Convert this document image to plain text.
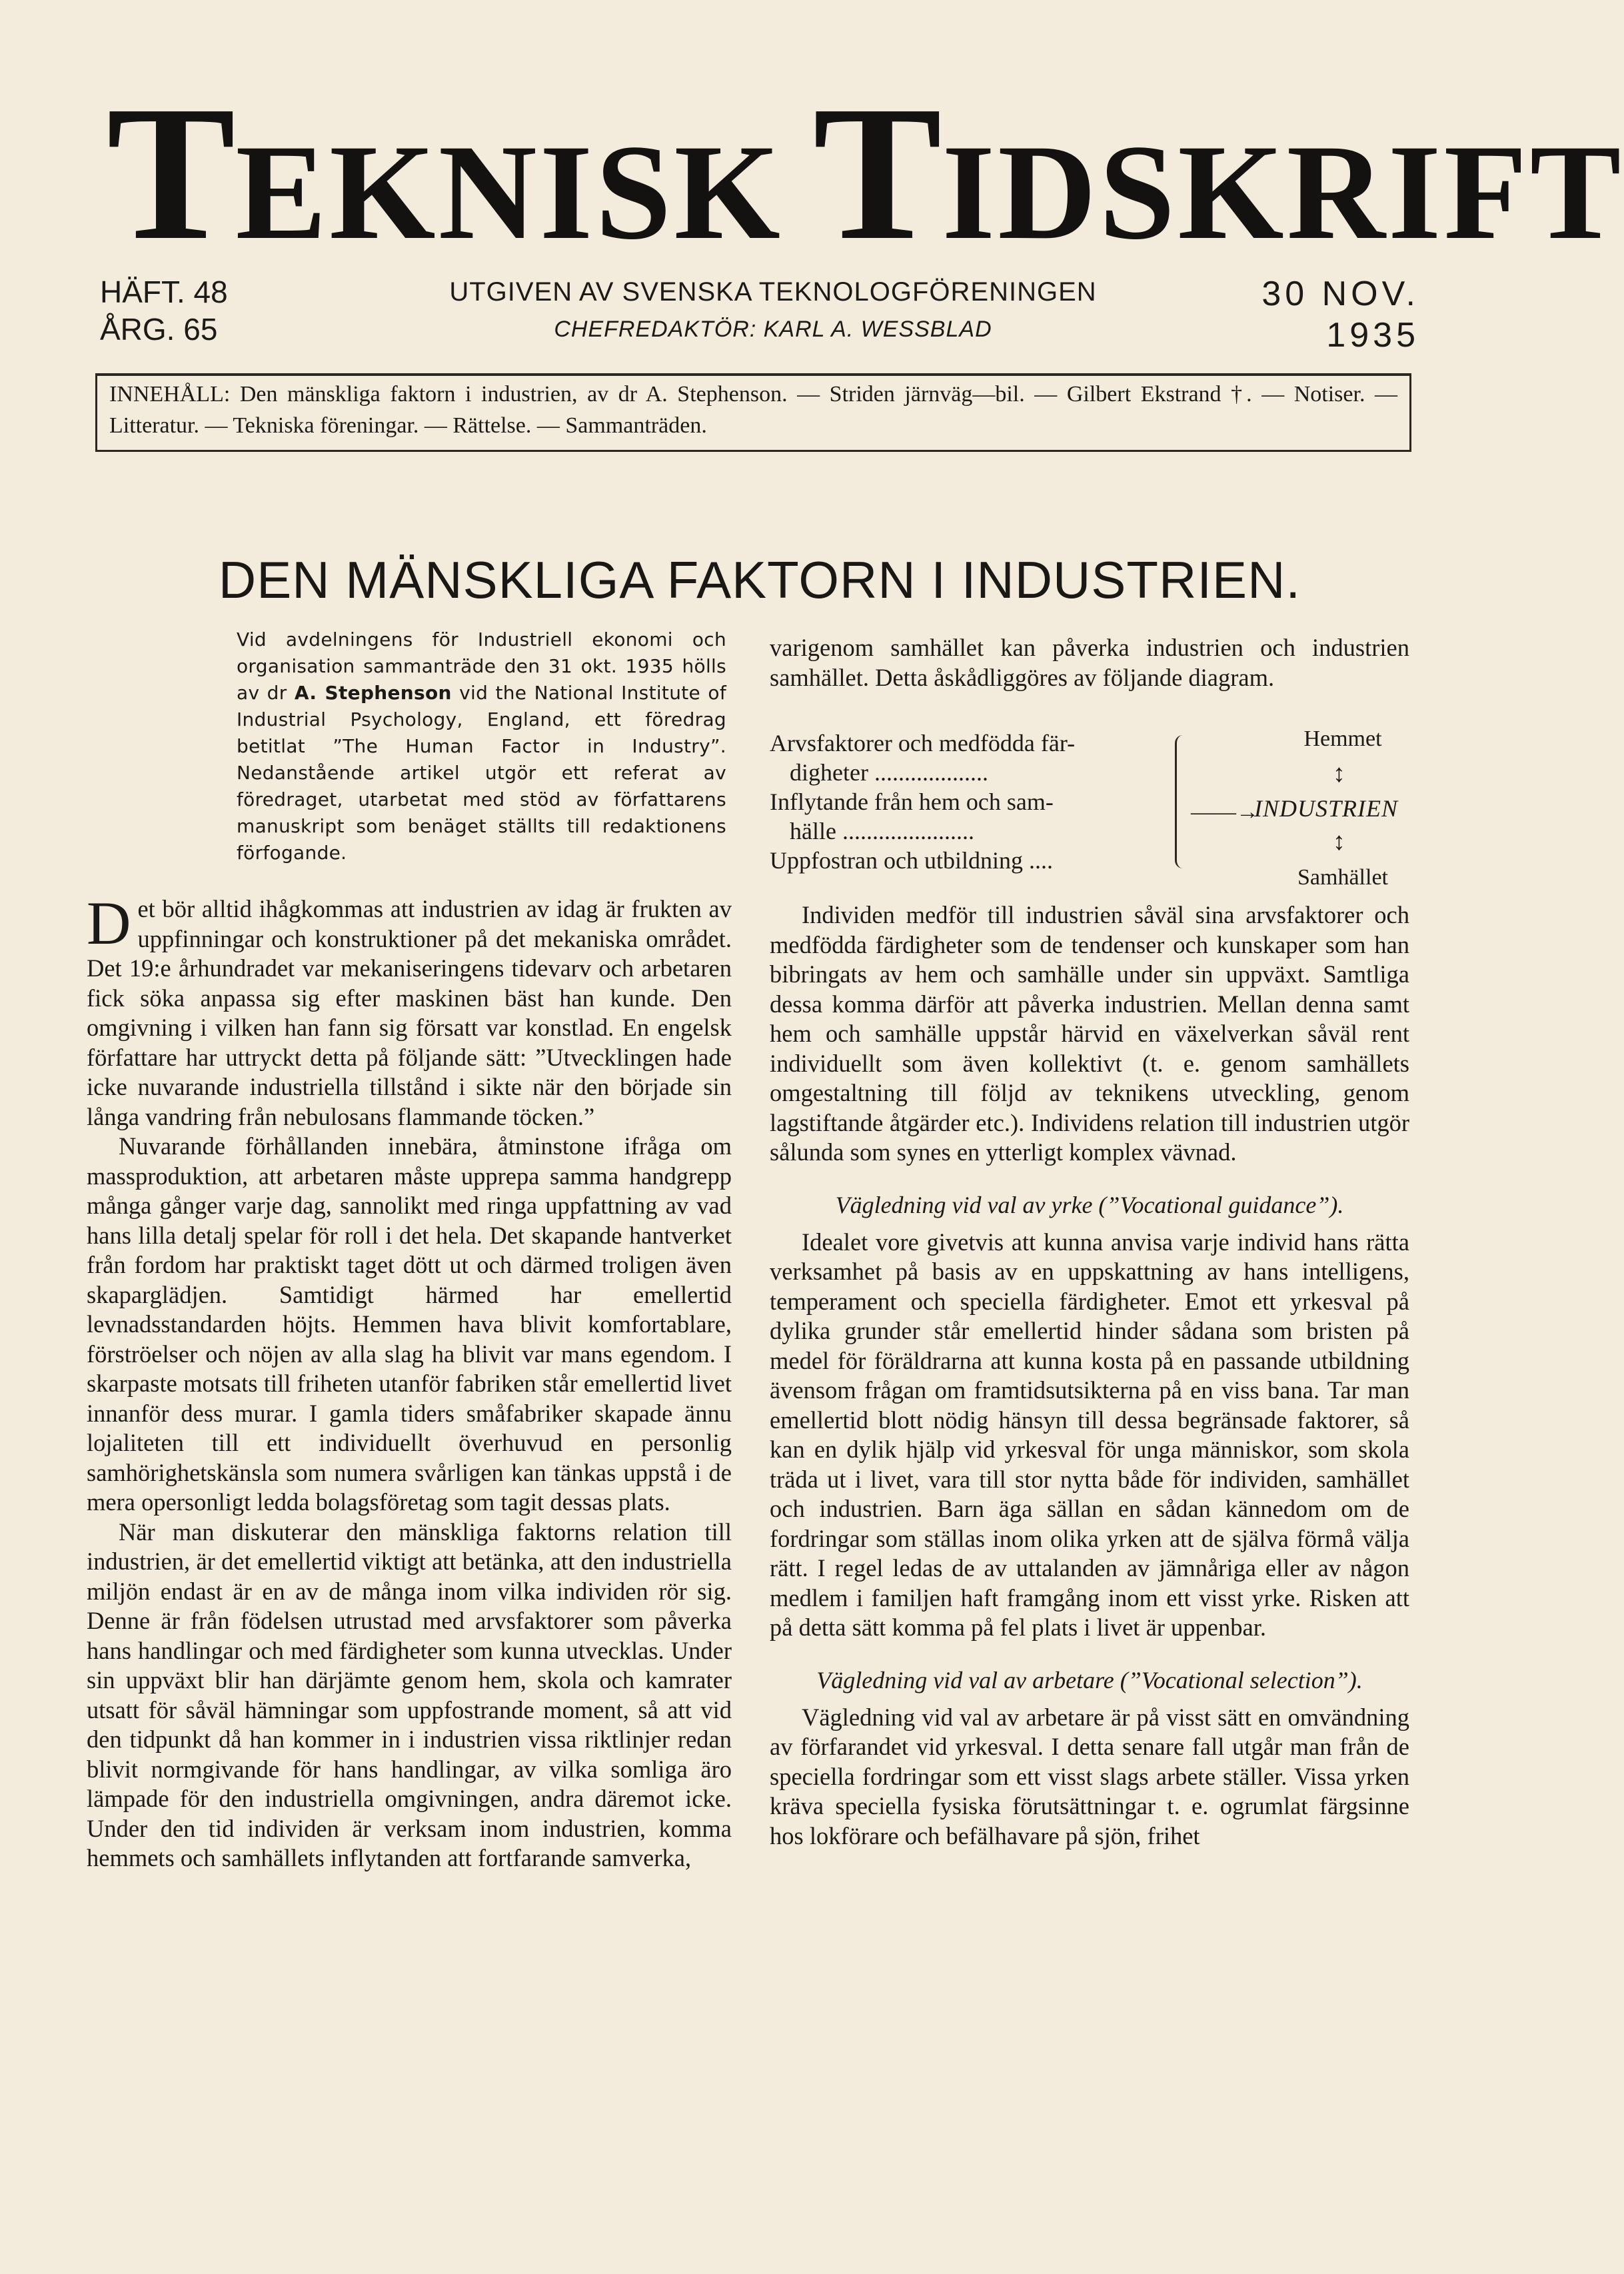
TEKNISK TIDSKRIFT
HÄFT. 48
ÅRG. 65
UTGIVEN AV SVENSKA TEKNOLOGFÖRENINGEN
CHEFREDAKTÖR: KARL A. WESSBLAD
30 NOV.
1935
INNEHÅLL: Den mänskliga faktorn i industrien, av dr A. Stephenson. — Striden järnväg—bil. — Gilbert Ekstrand †. — Notiser. — Litteratur. — Tekniska föreningar. — Rättelse. — Sammanträden.
DEN MÄNSKLIGA FAKTORN I INDUSTRIEN.
Vid avdelningens för Industriell ekonomi och organisation sammanträde den 31 okt. 1935 hölls av dr A. Stephenson vid the National Institute of Industrial Psychology, England, ett föredrag betitlat ”The Human Factor in Industry”. Nedanstående artikel utgör ett referat av föredraget, utarbetat med stöd av författarens manuskript som benäget ställts till redaktionens förfogande.

Det bör alltid ihågkommas att industrien av idag är frukten av uppfinningar och konstruktioner på det mekaniska området. Det 19:e århundradet var mekaniseringens tidevarv och arbetaren fick söka anpassa sig efter maskinen bäst han kunde. Den omgivning i vilken han fann sig försatt var konstlad. En engelsk författare har uttryckt detta på följande sätt: ”Utvecklingen hade icke nuvarande industriella tillstånd i sikte när den började sin långa vandring från nebulosans flammande töcken.”

Nuvarande förhållanden innebära, åtminstone ifråga om massproduktion, att arbetaren måste upprepa samma handgrepp många gånger varje dag, sannolikt med ringa uppfattning av vad hans lilla detalj spelar för roll i det hela. Det skapande hantverket från fordom har praktiskt taget dött ut och därmed troligen även skaparglädjen. Samtidigt härmed har emellertid levnadsstandarden höjts. Hemmen hava blivit komfortablare, förströelser och nöjen av alla slag ha blivit var mans egendom. I skarpaste motsats till friheten utanför fabriken står emellertid livet innanför dess murar. I gamla tiders småfabriker skapade ännu lojaliteten till ett individuellt överhuvud en personlig samhörighetskänsla som numera svårligen kan tänkas uppstå i de mera opersonligt ledda bolagsföretag som tagit dessas plats.

När man diskuterar den mänskliga faktorns relation till industrien, är det emellertid viktigt att betänka, att den industriella miljön endast är en av de många inom vilka individen rör sig. Denne är från födelsen utrustad med arvsfaktorer som påverka hans handlingar och med färdigheter som kunna utvecklas. Under sin uppväxt blir han därjämte genom hem, skola och kamrater utsatt för såväl hämningar som uppfostrande moment, så att vid den tidpunkt då han kommer in i industrien vissa riktlinjer redan blivit normgivande för hans handlingar, av vilka somliga äro lämpade för den industriella omgivningen, andra däremot icke. Under den tid individen är verksam inom industrien, komma hemmets och samhällets inflytanden att fortfarande samverka,

varigenom samhället kan påverka industrien och industrien samhället. Detta åskådliggöres av följande diagram.

Arvsfaktorer och medfödda fär-
digheter ...................
Inflytande från hem och sam-
hälle ......................
Uppfostran och utbildning ....
——→
Hemmet
↕
INDUSTRIEN
↕
Samhället

Individen medför till industrien såväl sina arvsfaktorer och medfödda färdigheter som de tendenser och kunskaper som han bibringats av hem och samhälle under sin uppväxt. Samtliga dessa komma därför att påverka industrien. Mellan denna samt hem och samhälle uppstår härvid en växelverkan såväl rent individuellt som även kollektivt (t. e. genom samhällets omgestaltning till följd av teknikens utveckling, genom lagstiftande åtgärder etc.). Individens relation till industrien utgör sålunda som synes en ytterligt komplex vävnad.

Vägledning vid val av yrke (”Vocational guidance”).

Idealet vore givetvis att kunna anvisa varje individ hans rätta verksamhet på basis av en uppskattning av hans intelligens, temperament och speciella färdigheter. Emot ett yrkesval på dylika grunder står emellertid hinder sådana som bristen på medel för föräldrarna att kunna kosta på en passande utbildning ävensom frågan om framtidsutsikterna på en viss bana. Tar man emellertid blott nödig hänsyn till dessa begränsade faktorer, så kan en dylik hjälp vid yrkesval för unga människor, som skola träda ut i livet, vara till stor nytta både för individen, samhället och industrien. Barn äga sällan en sådan kännedom om de fordringar som ställas inom olika yrken att de själva förmå välja rätt. I regel ledas de av uttalanden av jämnåriga eller av någon medlem i familjen haft framgång inom ett visst yrke. Risken att på detta sätt komma på fel plats i livet är uppenbar.

Vägledning vid val av arbetare (”Vocational selection”).

Vägledning vid val av arbetare är på visst sätt en omvändning av förfarandet vid yrkesval. I detta senare fall utgår man från de speciella fordringar som ett visst slags arbete ställer. Vissa yrken kräva speciella fysiska förutsättningar t. e. ogrumlat färgsinne hos lokförare och befälhavare på sjön, frihet
